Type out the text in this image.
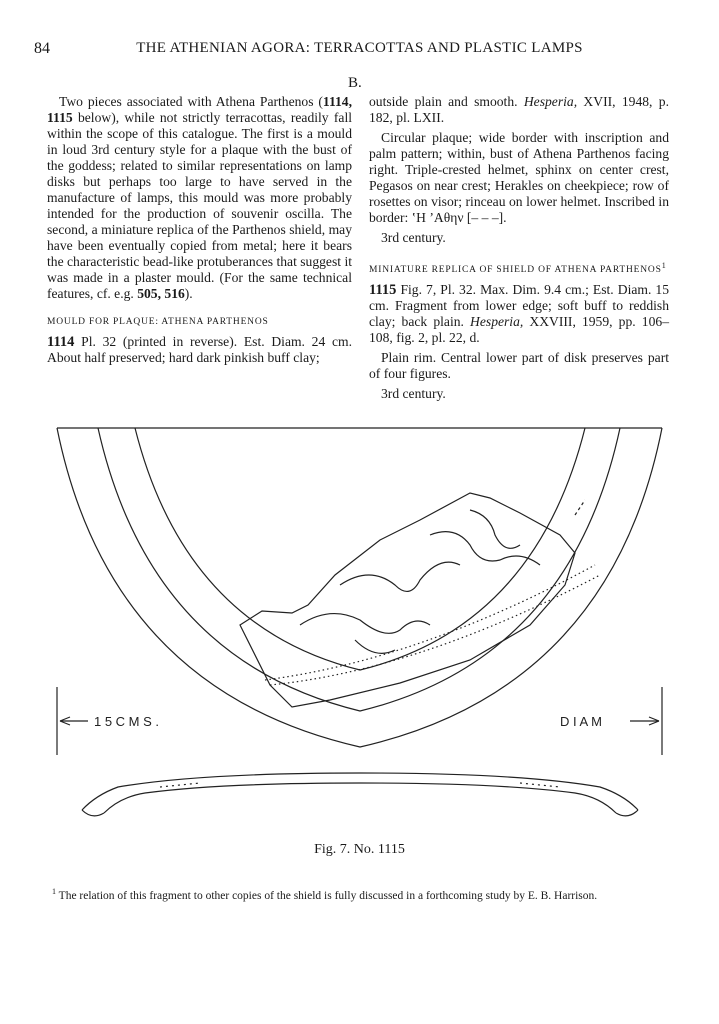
84	THE ATHENIAN AGORA: TERRACOTTAS AND PLASTIC LAMPS
B.

Two pieces associated with Athena Parthenos (1114, 1115 below), while not strictly terracottas, readily fall within the scope of this catalogue. The first is a mould in loud 3rd century style for a plaque with the bust of the goddess; related to similar representations on lamp disks but perhaps too large to have served in the manufacture of lamps, this mould was more probably intended for the production of souvenir oscilla. The second, a miniature replica of the Parthenos shield, may have been eventually copied from metal; here it bears the characteristic bead-like protuberances that suggest it was made in a plaster mould. (For the same technical features, cf. e.g. 505, 516).

MOULD FOR PLAQUE: ATHENA PARTHENOS

1114 Pl. 32 (printed in reverse). Est. Diam. 24 cm. About half preserved; hard dark pinkish buff clay;

outside plain and smooth. Hesperia, XVII, 1948, p. 182, pl. LXII.

Circular plaque; wide border with inscription and palm pattern; within, bust of Athena Parthenos facing right. Triple-crested helmet, sphinx on center crest, Pegasos on near crest; Herakles on cheekpiece; row of rosettes on visor; rinceau on lower helmet. Inscribed in border: ʽH ʼAθην [– – –].

3rd century.

MINIATURE REPLICA OF SHIELD OF ATHENA PARTHENOS$^1$

1115 Fig. 7, Pl. 32. Max. Dim. 9.4 cm.; Est. Diam. 15 cm. Fragment from lower edge; soft buff to reddish clay; back plain. Hesperia, XXVIII, 1959, pp. 106–108, fig. 2, pl. 22, d.

Plain rim. Central lower part of disk preserves part of four figures.

3rd century.

1 5 C M S .	D I A M
Fig. 7. No. 1115
$^1$ The relation of this fragment to other copies of the shield is fully discussed in a forthcoming study by E. B. Harrison.
